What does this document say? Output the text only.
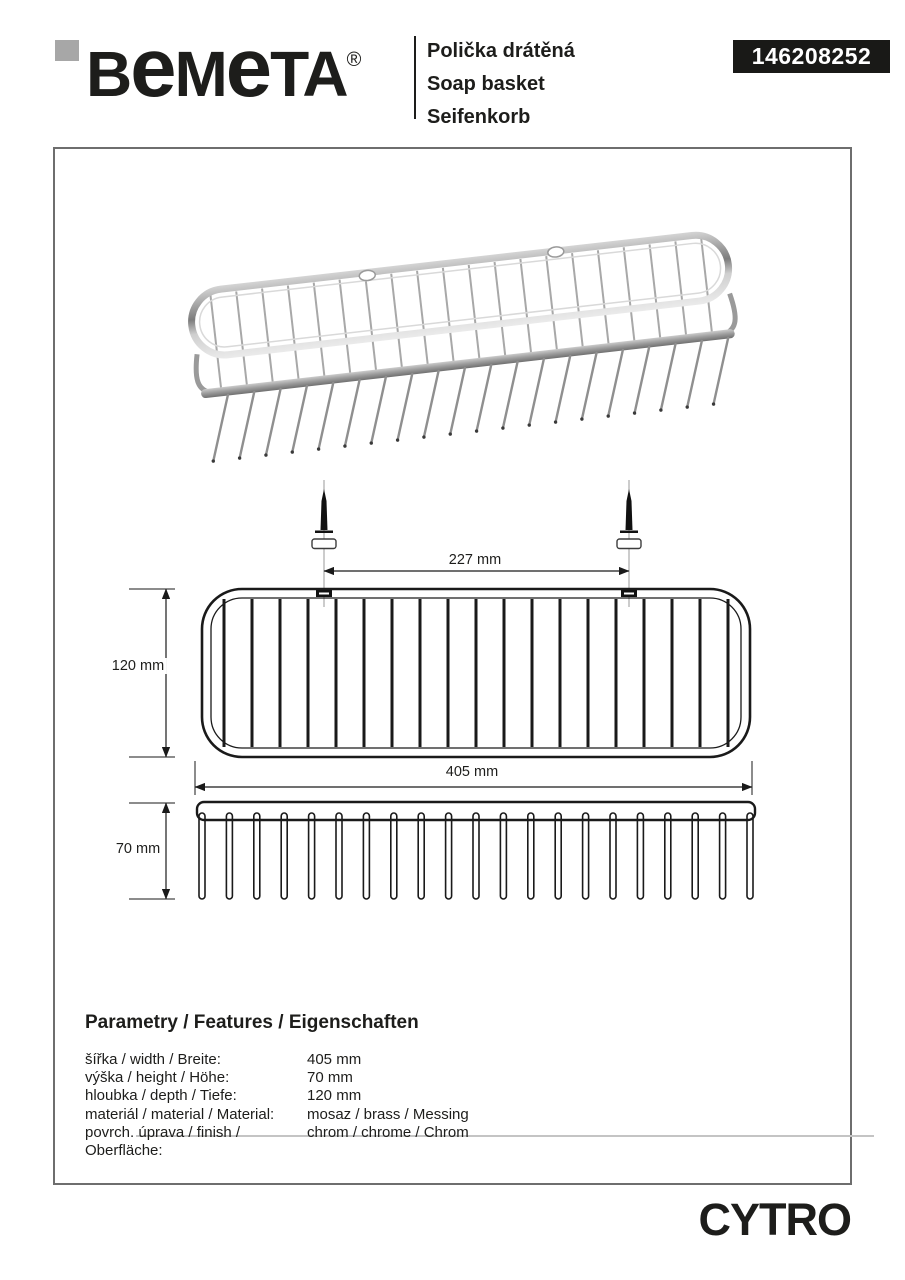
BeMeTA®	Polička drátěná
Soap basket
Seifenkorb
146208252
227 mm
120 mm
405 mm
70 mm
Parametry / Features / Eigenschaften
šířka / width / Breite:	405 mm
výška / height / Höhe:	70 mm
hloubka / depth / Tiefe:	120 mm
materiál / material / Material:	mosaz / brass / Messing
povrch. úprava / finish / Oberfläche:
chrom / chrome / Chrom
CYTRO
